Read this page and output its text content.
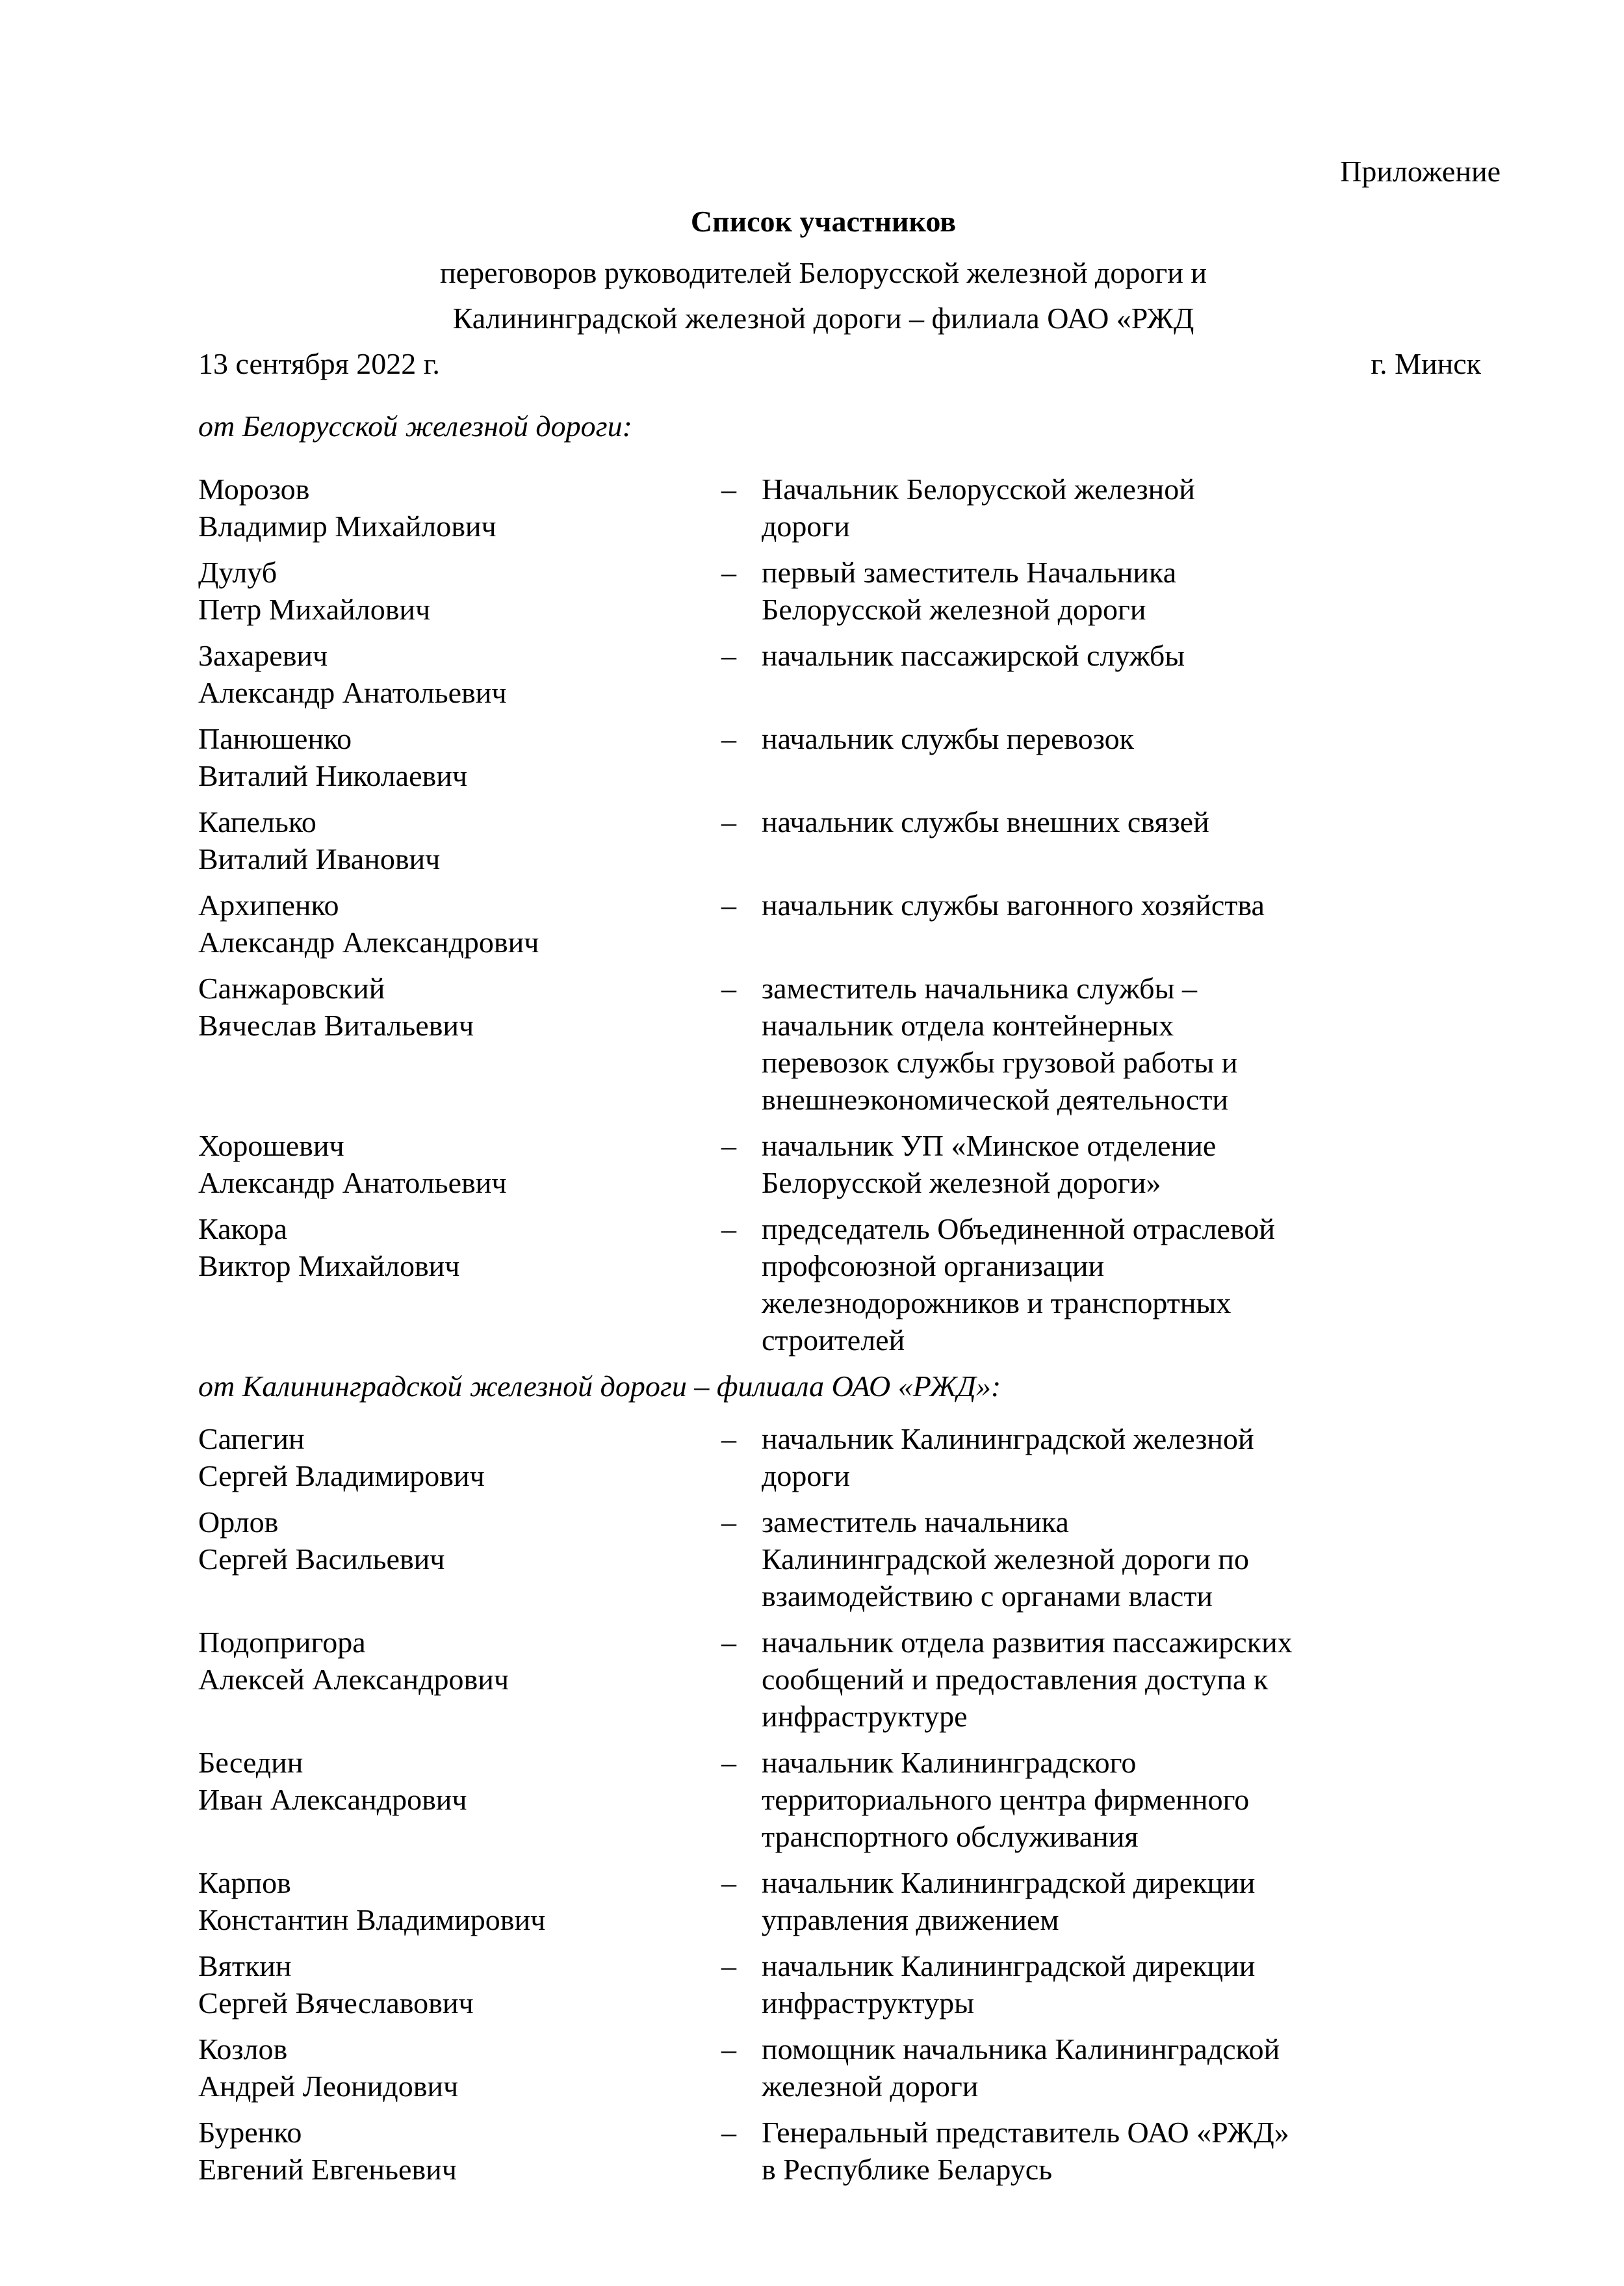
Приложение
Список участников
переговоров руководителей Белорусской железной дороги и
Калининградской железной дороги – филиала ОАО «РЖД
13 сентября 2022 г.	г. Минск
от Белорусской железной дороги:
Морозов
Владимир Михайлович
– Начальник Белорусской железной
дороги
Дулуб
Петр Михайлович
– первый заместитель Начальника
Белорусской железной дороги
Захаревич
Александр Анатольевич
– начальник пассажирской службы
Панюшенко
Виталий Николаевич
– начальник службы перевозок
Капелько
Виталий Иванович
– начальник службы внешних связей
Архипенко
Александр Александрович
– начальник службы вагонного хозяйства
Санжаровский
Вячеслав Витальевич
– заместитель начальника службы –
начальник отдела контейнерных
перевозок службы грузовой работы и
внешнеэкономической деятельности
Хорошевич
Александр Анатольевич
– начальник УП «Минское отделение
Белорусской железной дороги»
Какора
Виктор Михайлович
– председатель Объединенной отраслевой
профсоюзной организации
железнодорожников и транспортных
строителей
от Калининградской железной дороги – филиала ОАО «РЖД»:
Сапегин
Сергей Владимирович
– начальник Калининградской железной
дороги
Орлов
Сергей Васильевич
– заместитель начальника
Калининградской железной дороги по
взаимодействию с органами власти
Подопригора
Алексей Александрович
– начальник отдела развития пассажирских
сообщений и предоставления доступа к
инфраструктуре
Беседин
Иван Александрович
– начальник Калининградского
территориального центра фирменного
транспортного обслуживания
Карпов
Константин Владимирович
– начальник Калининградской дирекции
управления движением
Вяткин
Сергей Вячеславович
– начальник Калининградской дирекции
инфраструктуры
Козлов
Андрей Леонидович
– помощник начальника Калининградской
железной дороги
Буренко
Евгений Евгеньевич
– Генеральный представитель ОАО «РЖД»
в Республике Беларусь
